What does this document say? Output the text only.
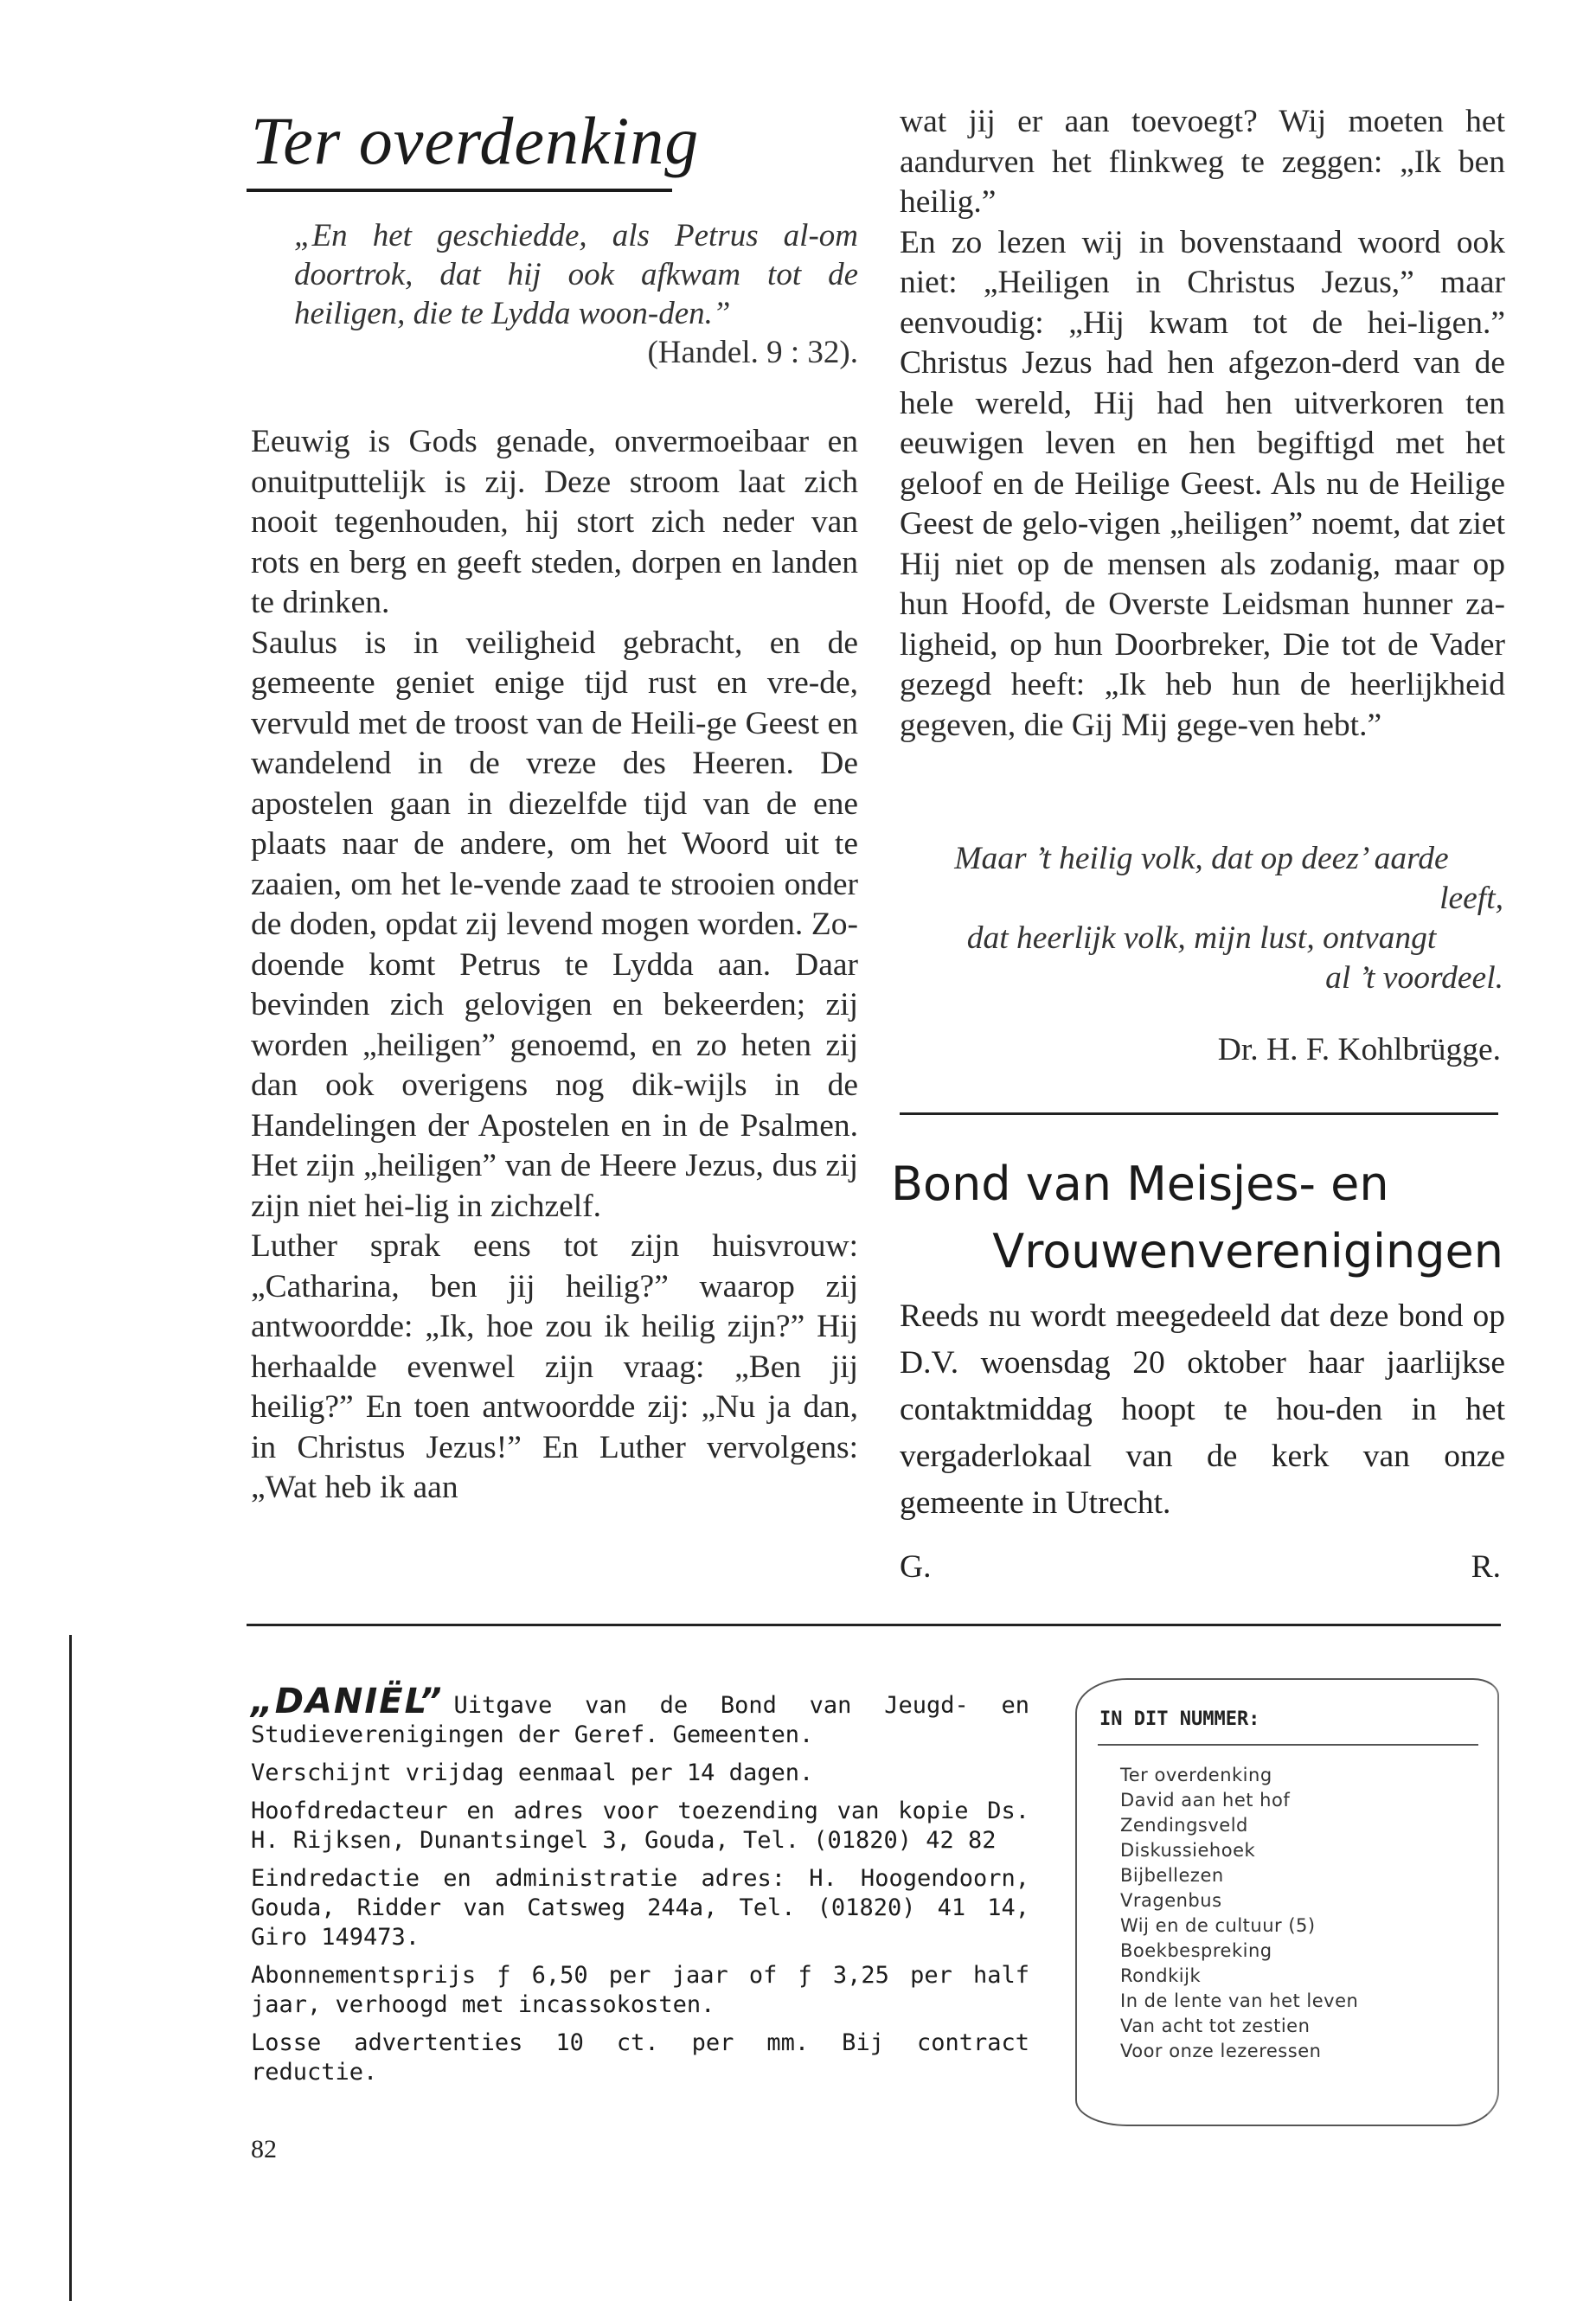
Ter overdenking
„En het geschiedde, als Petrus al-om doortrok, dat hij ook afkwam tot de heiligen, die te Lydda woon-den.”
(Handel. 9 : 32).

Eeuwig is Gods genade, onvermoeibaar en onuitputtelijk is zij. Deze stroom laat zich nooit tegenhouden, hij stort zich neder van rots en berg en geeft steden, dorpen en landen te drinken.

Saulus is in veiligheid gebracht, en de gemeente geniet enige tijd rust en vre-de, vervuld met de troost van de Heili-ge Geest en wandelend in de vreze des Heeren. De apostelen gaan in diezelfde tijd van de ene plaats naar de andere, om het Woord uit te zaaien, om het le-vende zaad te strooien onder de doden, opdat zij levend mogen worden. Zo-doende komt Petrus te Lydda aan. Daar bevinden zich gelovigen en bekeerden; zij worden „heiligen” genoemd, en zo heten zij dan ook overigens nog dik-wijls in de Handelingen der Apostelen en in de Psalmen. Het zijn „heiligen” van de Heere Jezus, dus zij zijn niet hei-lig in zichzelf.

Luther sprak eens tot zijn huisvrouw: „Catharina, ben jij heilig?” waarop zij antwoordde: „Ik, hoe zou ik heilig zijn?” Hij herhaalde evenwel zijn vraag: „Ben jij heilig?” En toen antwoordde zij: „Nu ja dan, in Christus Jezus!” En Luther vervolgens: „Wat heb ik aan

wat jij er aan toevoegt? Wij moeten het aandurven het flinkweg te zeggen: „Ik ben heilig.”

En zo lezen wij in bovenstaand woord ook niet: „Heiligen in Christus Jezus,” maar eenvoudig: „Hij kwam tot de hei-ligen.” Christus Jezus had hen afgezon-derd van de hele wereld, Hij had hen uitverkoren ten eeuwigen leven en hen begiftigd met het geloof en de Heilige Geest. Als nu de Heilige Geest de gelo-vigen „heiligen” noemt, dat ziet Hij niet op de mensen als zodanig, maar op hun Hoofd, de Overste Leidsman hunner za-ligheid, op hun Doorbreker, Die tot de Vader gezegd heeft: „Ik heb hun de heerlijkheid gegeven, die Gij Mij gege-ven hebt.”

Maar ’t heilig volk, dat op deez’ aarde
leeft,
dat heerlijk volk, mijn lust, ontvangt
al ’t voordeel.
Dr. H. F. Kohlbrügge.
Bond van Meisjes- en
Vrouwenverenigingen
Reeds nu wordt meegedeeld dat deze bond op D.V. woensdag 20 oktober haar jaarlijkse contaktmiddag hoopt te hou-den in het vergaderlokaal van de kerk van onze gemeente in Utrecht.
G.	R.

„DANIËL” Uitgave van de Bond van Jeugd- en Studieverenigingen der Geref. Gemeenten.

Verschijnt vrijdag eenmaal per 14 dagen.

Hoofdredacteur en adres voor toezending van kopie Ds. H. Rijksen, Dunantsingel 3, Gouda, Tel. (01820) 42 82

Eindredactie en administratie adres: H. Hoogendoorn, Gouda, Ridder van Catsweg 244a, Tel. (01820) 41 14, Giro 149473.

Abonnementsprijs ƒ 6,50 per jaar of ƒ 3,25 per half jaar, verhoogd met incassokosten.

Losse advertenties 10 ct. per mm. Bij contract reductie.

IN DIT NUMMER:
Ter overdenking
David aan het hof
Zendingsveld
Diskussiehoek
Bijbellezen
Vragenbus
Wij en de cultuur (5)
Boekbespreking
Rondkijk
In de lente van het leven
Van acht tot zestien
Voor onze lezeressen
82
